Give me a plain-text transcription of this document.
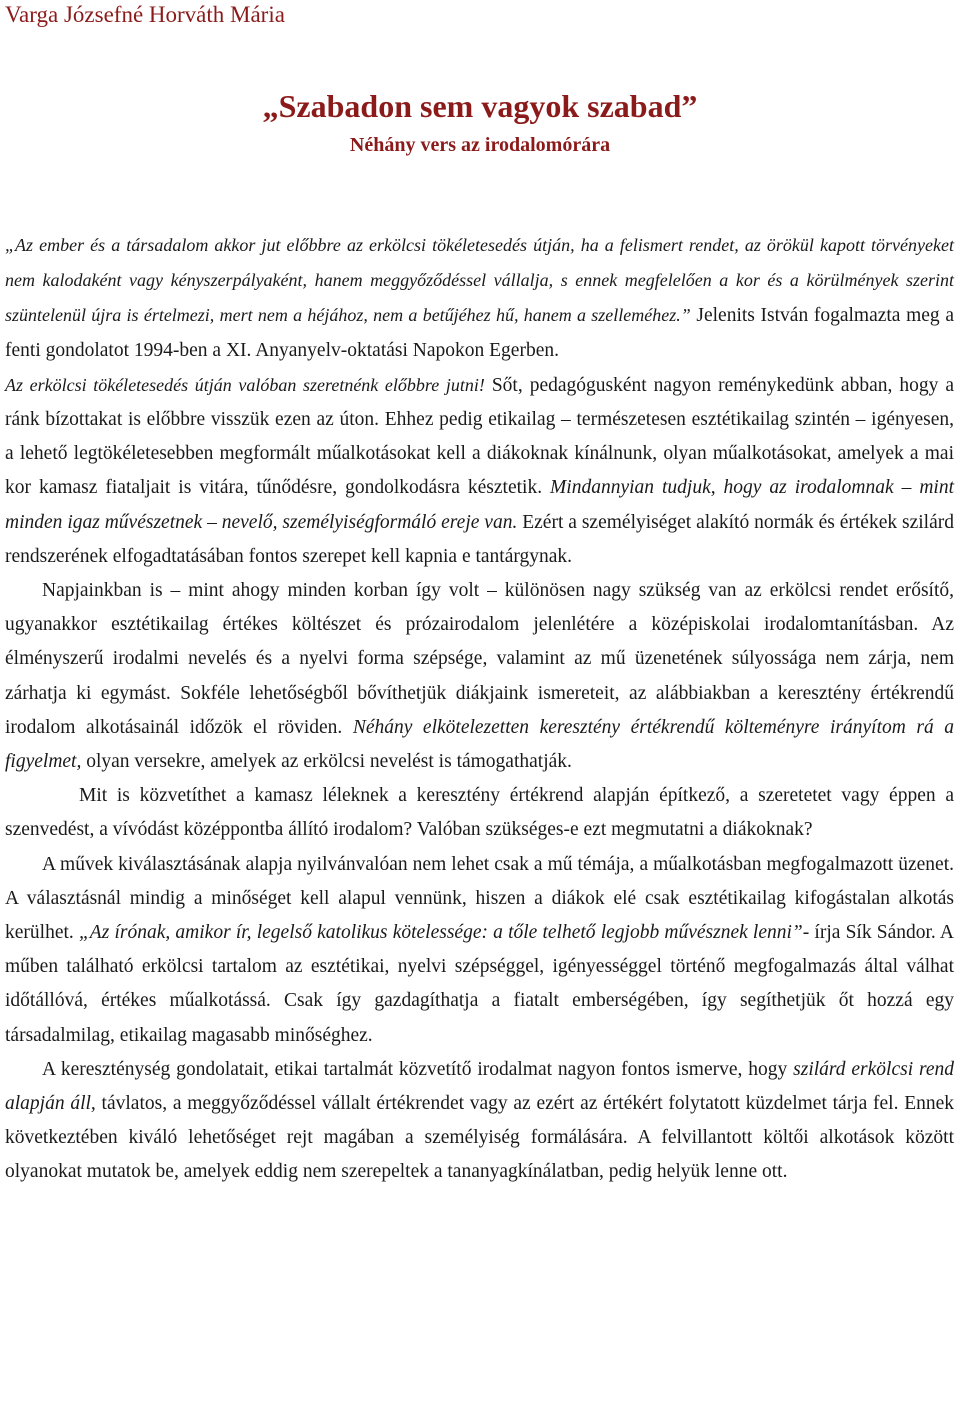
Varga Józsefné Horváth Mária
„Szabadon sem vagyok szabad”
Néhány vers az irodalomórára

„Az ember és a társadalom akkor jut előbbre az erkölcsi tökéletesedés útján, ha a felismert rendet, az örökül kapott törvényeket nem kalodaként vagy kényszerpályaként, hanem meggyőződéssel vállalja, s ennek megfelelően a kor és a körülmények szerint szüntelenül újra is értelmezi, mert nem a héjához, nem a betűjéhez hű, hanem a szelleméhez.” Jelenits István fogalmazta meg a fenti gondolatot 1994-ben a XI. Anyanyelv-oktatási Napokon Egerben.

Az erkölcsi tökéletesedés útján valóban szeretnénk előbbre jutni! Sőt, pedagógusként nagyon reménykedünk abban, hogy a ránk bízottakat is előbbre visszük ezen az úton. Ehhez pedig etikailag – természetesen esztétikailag szintén – igényesen, a lehető legtökéletesebben megformált műalkotásokat kell a diákoknak kínálnunk, olyan műalkotásokat, amelyek a mai kor kamasz fiataljait is vitára, tűnődésre, gondolkodásra késztetik. Mindannyian tudjuk, hogy az irodalomnak – mint minden igaz művészetnek – nevelő, személyiségformáló ereje van. Ezért a személyiséget alakító normák és értékek szilárd rendszerének elfogadtatásában fontos szerepet kell kapnia e tantárgynak.

Napjainkban is – mint ahogy minden korban így volt – különösen nagy szükség van az erkölcsi rendet erősítő, ugyanakkor esztétikailag értékes költészet és prózairodalom jelenlétére a középiskolai irodalomtanításban. Az élményszerű irodalmi nevelés és a nyelvi forma szépsége, valamint az mű üzenetének súlyossága nem zárja, nem zárhatja ki egymást. Sokféle lehetőségből bővíthetjük diákjaink ismereteit, az alábbiakban a keresztény értékrendű irodalom alkotásainál időzök el röviden. Néhány elkötelezetten keresztény értékrendű költeményre irányítom rá a figyelmet, olyan versekre, amelyek az erkölcsi nevelést is támogathatják.

Mit is közvetíthet a kamasz léleknek a keresztény értékrend alapján építkező, a szeretetet vagy éppen a szenvedést, a vívódást középpontba állító irodalom? Valóban szükséges-e ezt megmutatni a diákoknak?

A művek kiválasztásának alapja nyilvánvalóan nem lehet csak a mű témája, a műalkotásban megfogalmazott üzenet. A választásnál mindig a minőséget kell alapul vennünk, hiszen a diákok elé csak esztétikailag kifogástalan alkotás kerülhet. „Az írónak, amikor ír, legelső katolikus kötelessége: a tőle telhető legjobb művésznek lenni”- írja Sík Sándor. A műben található erkölcsi tartalom az esztétikai, nyelvi szépséggel, igényességgel történő megfogalmazás által válhat időtállóvá, értékes műalkotássá. Csak így gazdagíthatja a fiatalt emberségében, így segíthetjük őt hozzá egy társadalmilag, etikailag magasabb minőséghez.

A kereszténység gondolatait, etikai tartalmát közvetítő irodalmat nagyon fontos ismerve, hogy szilárd erkölcsi rend alapján áll, távlatos, a meggyőződéssel vállalt értékrendet vagy az ezért az értékért folytatott küzdelmet tárja fel. Ennek következtében kiváló lehetőséget rejt magában a személyiség formálására. A felvillantott költői alkotások között olyanokat mutatok be, amelyek eddig nem szerepeltek a tananyagkínálatban, pedig helyük lenne ott.
